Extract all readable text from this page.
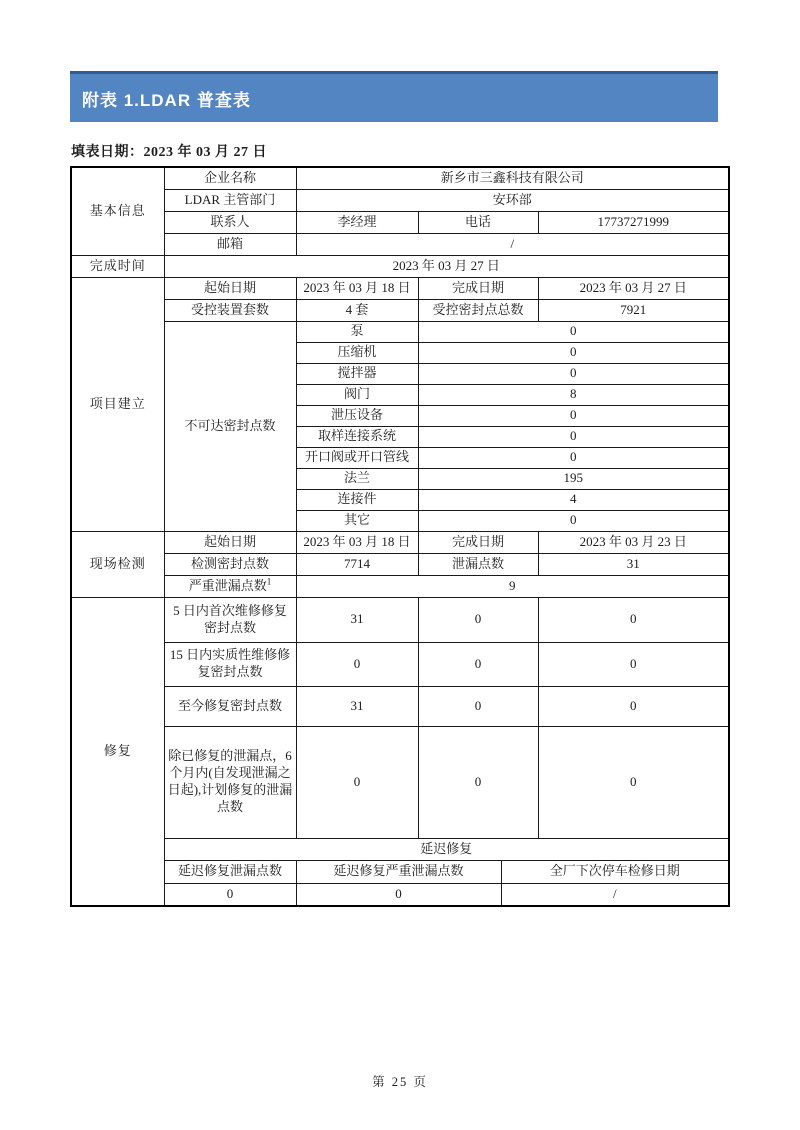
附表 1.LDAR 普查表
填表日期：2023 年 03 月 27 日
基本信息	企业名称	新乡市三鑫科技有限公司			
	LDAR 主管部门	安环部			
	联系人	李经理	电话		17737271999
	邮箱	/			
完成时间	2023 年 03 月 27 日				
项目建立	起始日期	2023 年 03 月 18 日	完成日期		2023 年 03 月 27 日
	受控装置套数	4 套	受控密封点总数		7921
	不可达密封点数	泵	0		
		压缩机	0		
		搅拌器	0		
		阀门	8		
		泄压设备	0		
		取样连接系统	0		
		开口阀或开口管线	0		
		法兰	195		
		连接件	4		
		其它	0		
现场检测	起始日期	2023 年 03 月 18 日	完成日期		2023 年 03 月 23 日
	检测密封点数	7714	泄漏点数		31
	严重泄漏点数$^1$	9			
修复	5 日内首次维修修复密封点数	31	0		0
	15 日内实质性维修修复密封点数	0	0		0
	至今修复密封点数	31	0		0
	除已修复的泄漏点，6 个月内(自发现泄漏之日起),计划修复的泄漏点数	0	0		0
	延迟修复				
	延迟修复泄漏点数	延迟修复严重泄漏点数		全厂下次停车检修日期	
	0	0		/	
第 25 页
